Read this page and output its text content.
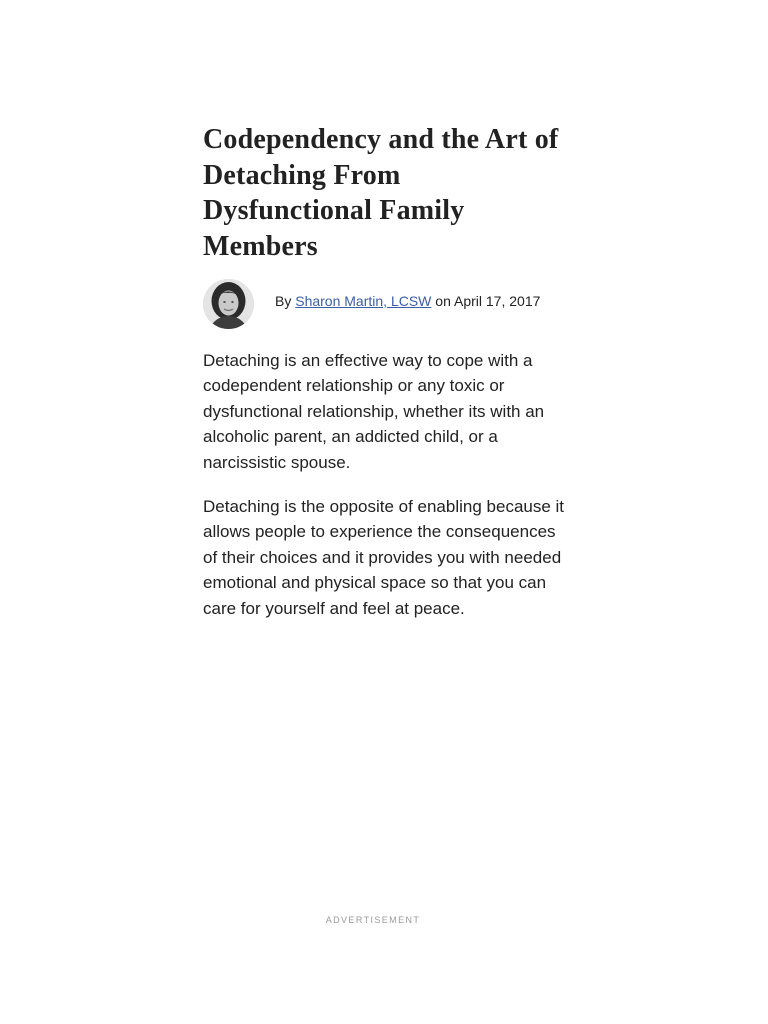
Codependency and the Art of Detaching From Dysfunctional Family Members
By Sharon Martin, LCSW on April 17, 2017

Detaching is an effective way to cope with a codependent relationship or any toxic or dysfunctional relationship, whether its with an alcoholic parent, an addicted child, or a narcissistic spouse.

Detaching is the opposite of enabling because it allows people to experience the consequences of their choices and it provides you with needed emotional and physical space so that you can care for yourself and feel at peace.

ADVERTISEMENT
